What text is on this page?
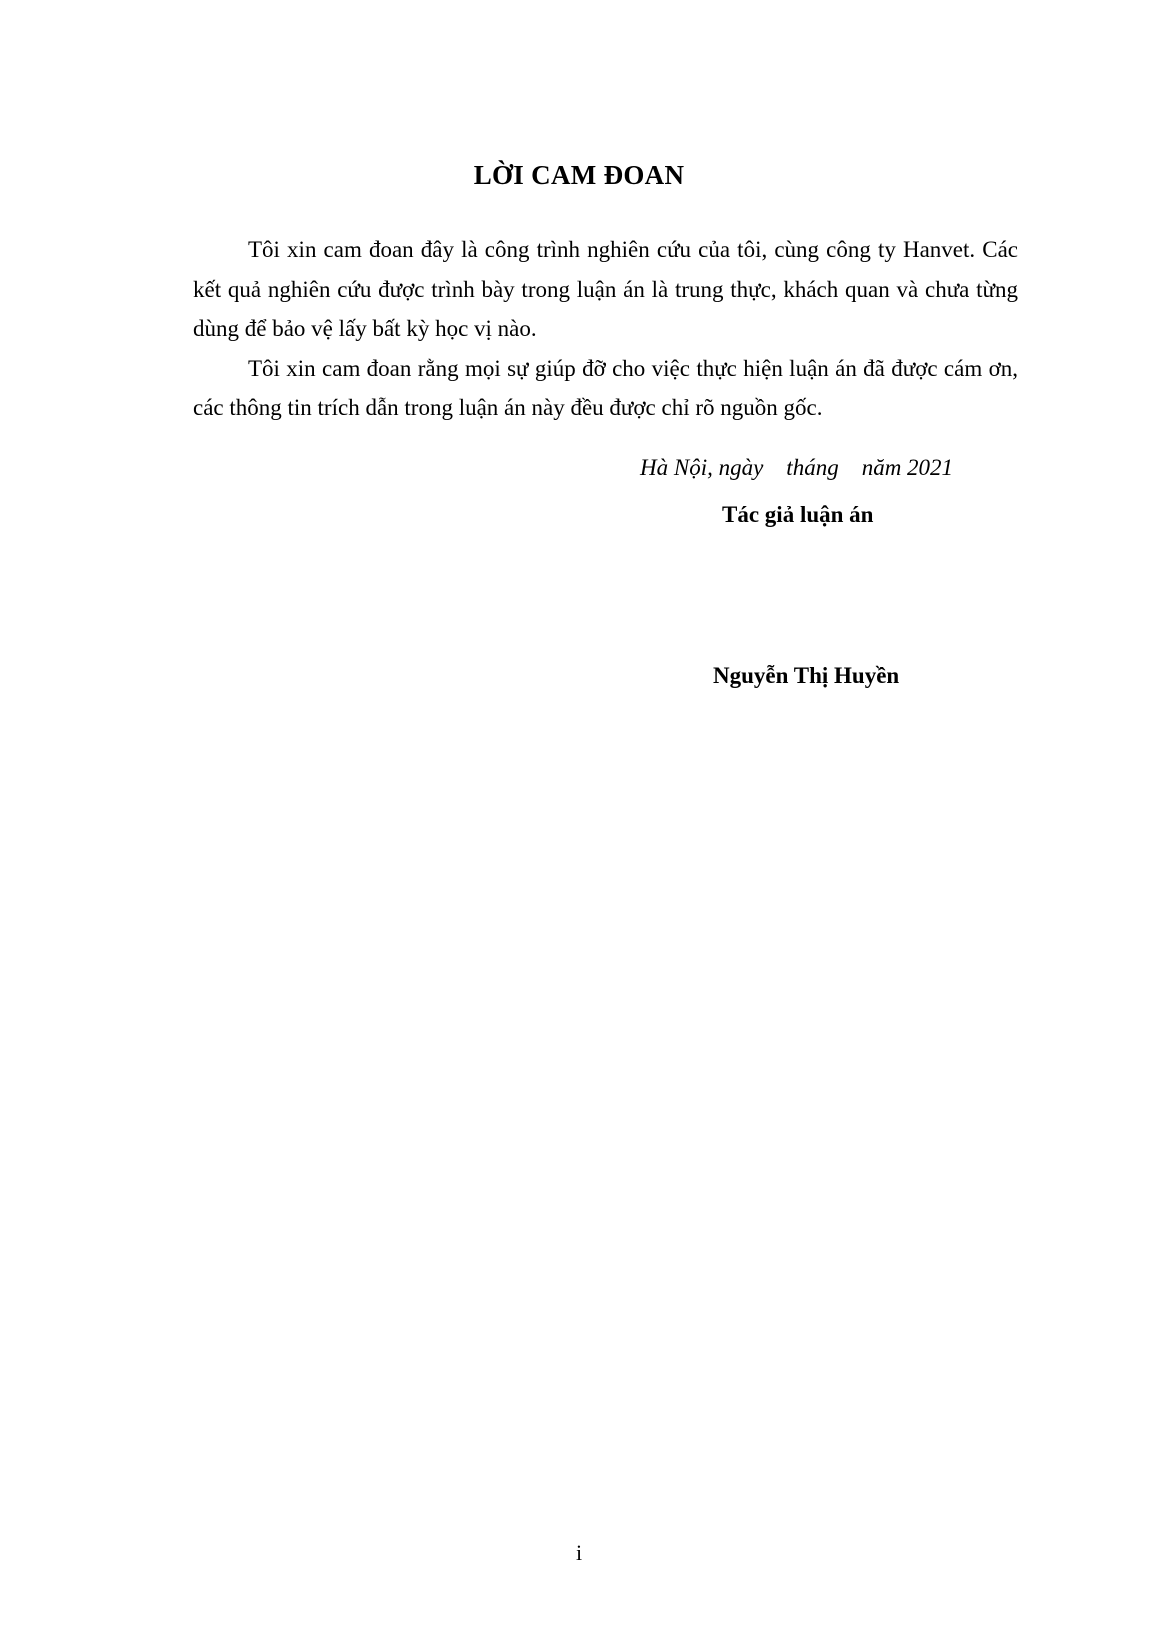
LỜI CAM ĐOAN

Tôi xin cam đoan đây là công trình nghiên cứu của tôi, cùng công ty Hanvet. Các kết quả nghiên cứu được trình bày trong luận án là trung thực, khách quan và chưa từng dùng để bảo vệ lấy bất kỳ học vị nào.

Tôi xin cam đoan rằng mọi sự giúp đỡ cho việc thực hiện luận án đã được cám ơn, các thông tin trích dẫn trong luận án này đều được chỉ rõ nguồn gốc.

Hà Nội, ngày    tháng    năm 2021
Tác giả luận án
Nguyễn Thị Huyền
i
